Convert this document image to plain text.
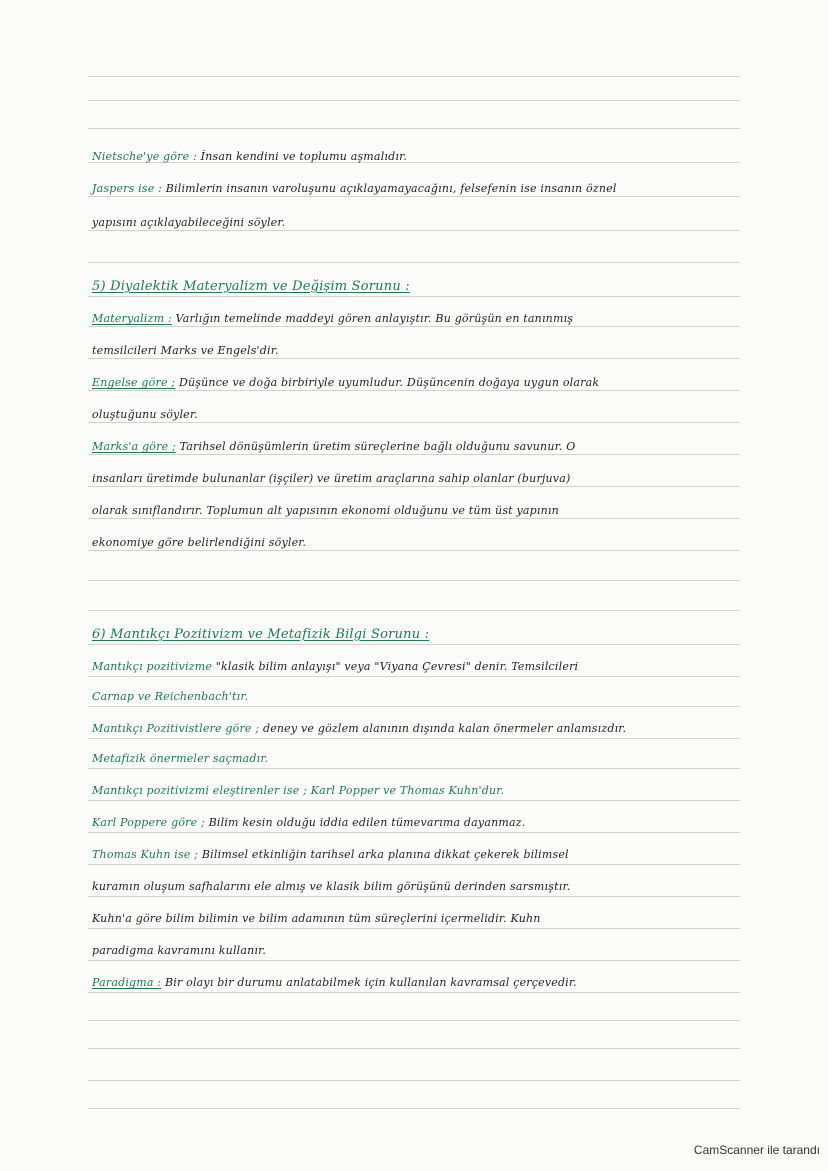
Nietsche'ye göre : İnsan kendini ve toplumu aşmalıdır.
Jaspers ise : Bilimlerin insanın varoluşunu açıklayamayacağını, felsefenin ise insanın öznel
yapısını açıklayabileceğini söyler.
5) Diyalektik Materyalizm ve Değişim Sorunu :
Materyalizm : Varlığın temelinde maddeyi gören anlayıştır. Bu görüşün en tanınmış
temsilcileri Marks ve Engels'dir.
Engelse göre ; Düşünce ve doğa birbiriyle uyumludur. Düşüncenin doğaya uygun olarak
oluştuğunu söyler.
Marks'a göre ; Tarihsel dönüşümlerin üretim süreçlerine bağlı olduğunu savunur. O
insanları üretimde bulunanlar (işçiler) ve üretim araçlarına sahip olanlar (burjuva)
olarak sınıflandırır. Toplumun alt yapısının ekonomi olduğunu ve tüm üst yapının
ekonomiye göre belirlendiğini söyler.
6) Mantıkçı Pozitivizm ve Metafizik Bilgi Sorunu :
Mantıkçı pozitivizme "klasik bilim anlayışı" veya "Viyana Çevresi" denir. Temsilcileri
Carnap ve Reichenbach'tır.
Mantıkçı Pozitivistlere göre ; deney ve gözlem alanının dışında kalan önermeler anlamsızdır.
Metafizik önermeler saçmadır.
Mantıkçı pozitivizmi eleştirenler ise ; Karl Popper ve Thomas Kuhn'dur.
Karl Poppere göre ; Bilim kesin olduğu iddia edilen tümevarıma dayanmaz.
Thomas Kuhn ise ; Bilimsel etkinliğin tarihsel arka planına dikkat çekerek bilimsel
kuramın oluşum safhalarını ele almış ve klasik bilim görüşünü derinden sarsmıştır.
Kuhn'a göre bilim bilimin ve bilim adamının tüm süreçlerini içermelidir. Kuhn
paradigma kavramını kullanır.
Paradigma : Bir olayı bir durumu anlatabilmek için kullanılan kavramsal çerçevedir.
CamScanner ile tarandı
